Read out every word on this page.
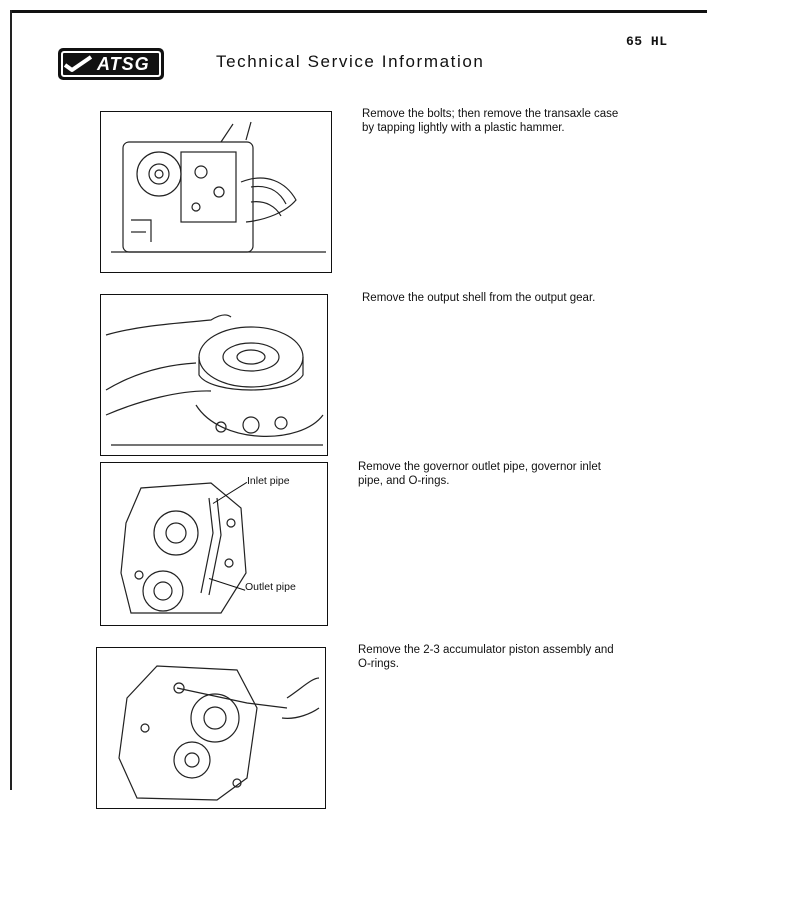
65 HL
ATSG	Technical Service Information
Remove the bolts; then remove the transaxle case by tapping lightly with a plastic hammer.
Remove the output shell from the output gear.
Inlet pipe
Outlet pipe
Remove the governor outlet pipe, governor inlet pipe, and O-rings.
Remove the 2-3 accumulator piston assembly and O-rings.
